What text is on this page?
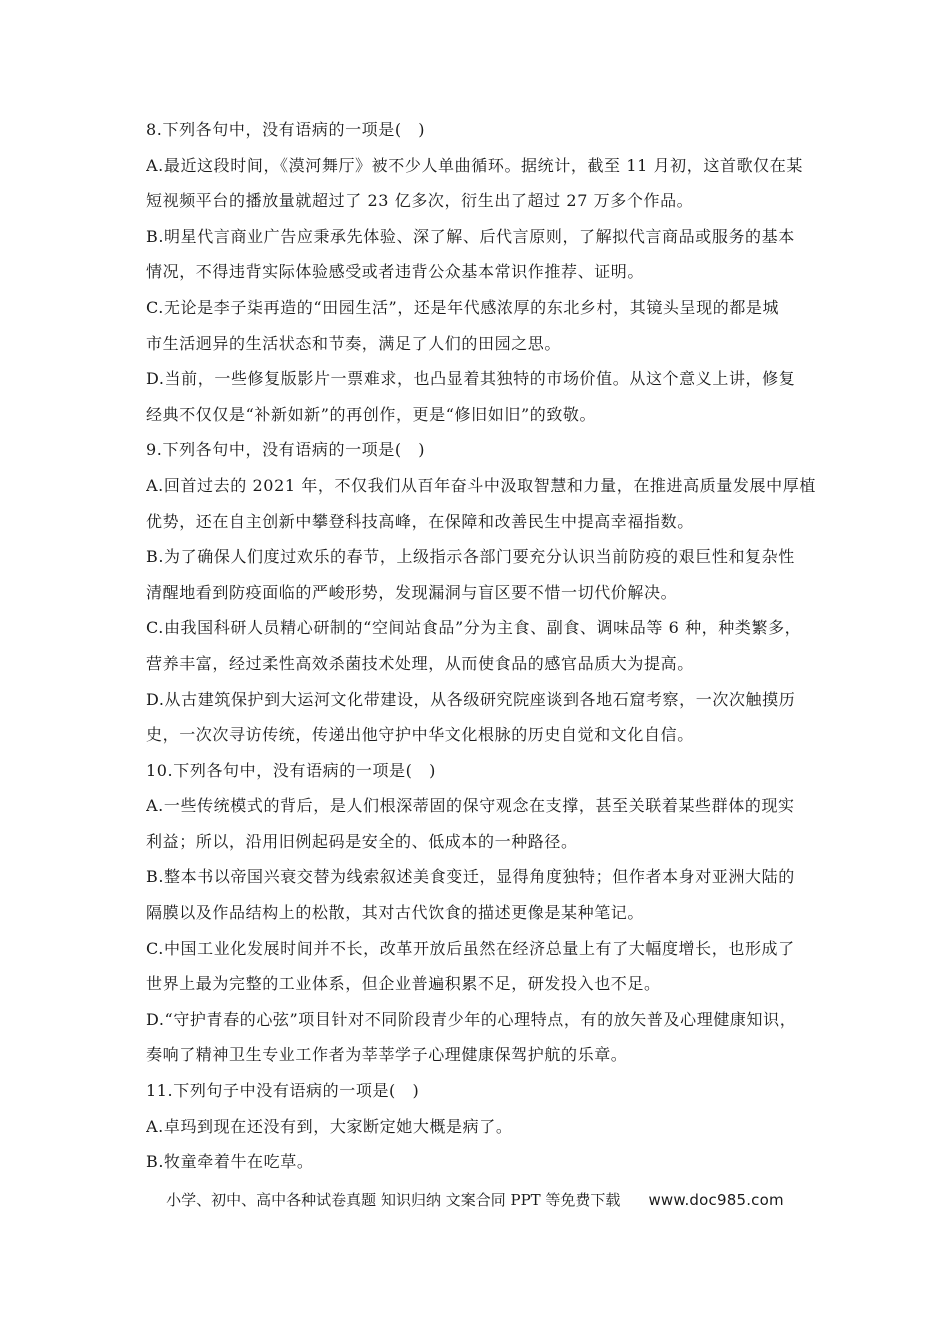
8.下列各句中，没有语病的一项是(　)
A.最近这段时间，《漠河舞厅》被不少人单曲循环。据统计，截至 11 月初，这首歌仅在某
短视频平台的播放量就超过了 23 亿多次，衍生出了超过 27 万多个作品。
B.明星代言商业广告应秉承先体验、深了解、后代言原则，了解拟代言商品或服务的基本
情况，不得违背实际体验感受或者违背公众基本常识作推荐、证明。
C.无论是李子柒再造的“田园生活”，还是年代感浓厚的东北乡村，其镜头呈现的都是城
市生活迥异的生活状态和节奏，满足了人们的田园之思。
D.当前，一些修复版影片一票难求，也凸显着其独特的市场价值。从这个意义上讲，修复
经典不仅仅是“补新如新”的再创作，更是“修旧如旧”的致敬。
9.下列各句中，没有语病的一项是(　)
A.回首过去的 2021 年，不仅我们从百年奋斗中汲取智慧和力量，在推进高质量发展中厚植
优势，还在自主创新中攀登科技高峰，在保障和改善民生中提高幸福指数。
B.为了确保人们度过欢乐的春节，上级指示各部门要充分认识当前防疫的艰巨性和复杂性
清醒地看到防疫面临的严峻形势，发现漏洞与盲区要不惜一切代价解决。
C.由我国科研人员精心研制的“空间站食品”分为主食、副食、调味品等 6 种，种类繁多，
营养丰富，经过柔性高效杀菌技术处理，从而使食品的感官品质大为提高。
D.从古建筑保护到大运河文化带建设，从各级研究院座谈到各地石窟考察，一次次触摸历
史，一次次寻访传统，传递出他守护中华文化根脉的历史自觉和文化自信。
10.下列各句中，没有语病的一项是(　)
A.一些传统模式的背后，是人们根深蒂固的保守观念在支撑，甚至关联着某些群体的现实
利益；所以，沿用旧例起码是安全的、低成本的一种路径。
B.整本书以帝国兴衰交替为线索叙述美食变迁，显得角度独特；但作者本身对亚洲大陆的
隔膜以及作品结构上的松散，其对古代饮食的描述更像是某种笔记。
C.中国工业化发展时间并不长，改革开放后虽然在经济总量上有了大幅度增长，也形成了
世界上最为完整的工业体系，但企业普遍积累不足，研发投入也不足。
D.“守护青春的心弦”项目针对不同阶段青少年的心理特点，有的放矢普及心理健康知识，
奏响了精神卫生专业工作者为莘莘学子心理健康保驾护航的乐章。
11.下列句子中没有语病的一项是(　)
A.卓玛到现在还没有到，大家断定她大概是病了。
B.牧童牵着牛在吃草。
小学、初中、高中各种试卷真题 知识归纳 文案合同 PPT 等免费下载 www.doc985.com
